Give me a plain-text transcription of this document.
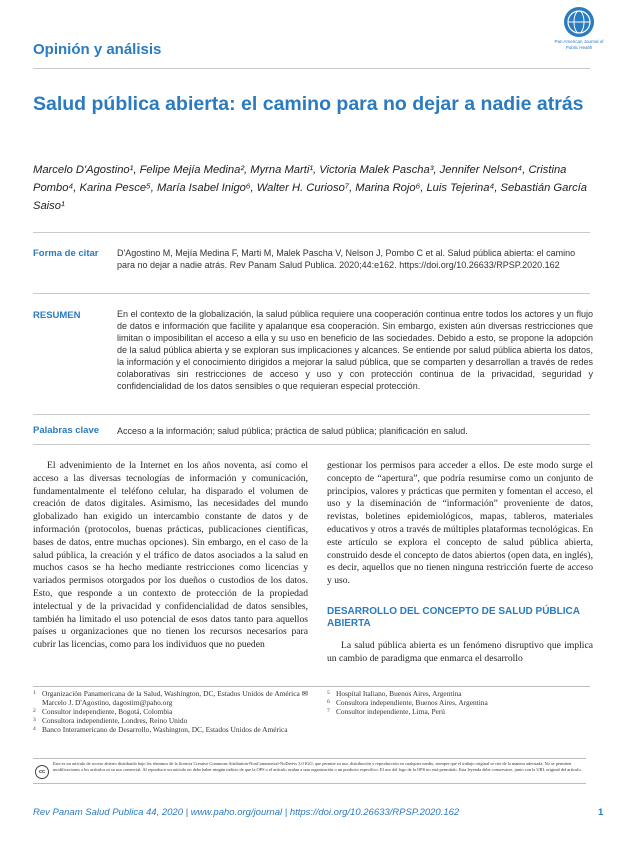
Opinión y análisis	Pan American Journal of Public Health
Salud pública abierta: el camino para no dejar a nadie atrás
Marcelo D'Agostino¹, Felipe Mejía Medina², Myrna Marti¹, Victoria Malek Pascha³, Jennifer Nelson⁴, Cristina Pombo⁴, Karina Pesce⁵, María Isabel Inigo⁶, Walter H. Curioso⁷, Marina Rojo⁶, Luis Tejerina⁴, Sebastián García Saiso¹
Forma de citar D'Agostino M, Mejía Medina F, Marti M, Malek Pascha V, Nelson J, Pombo C et al. Salud pública abierta: el camino para no dejar a nadie atrás. Rev Panam Salud Publica. 2020;44:e162. https://doi.org/10.26633/RPSP.2020.162
RESUMEN	En el contexto de la globalización, la salud pública requiere una cooperación continua entre todos los actores y un flujo de datos e información que facilite y apalanque esa cooperación. Sin embargo, existen aún diversas restricciones que limitan o imposibilitan el acceso a ella y su uso en beneficio de las sociedades. Debido a esto, se propone la adopción de la salud pública abierta y se exploran sus implicaciones y alcances. Se entiende por salud pública abierta los datos, la información y el conocimiento dirigidos a mejorar la salud pública, que se comparten y desarrollan a través de redes colaborativas sin restricciones de acceso y uso y con protección continua de la privacidad, seguridad y confidencialidad de los datos sensibles o que requieran especial protección.
Palabras clave Acceso a la información; salud pública; práctica de salud pública; planificación en salud.

El advenimiento de la Internet en los años noventa, así como el acceso a las diversas tecnologías de información y comunicación, fundamentalmente el teléfono celular, ha disparado el volumen de creación de datos digitales. Asimismo, las necesidades del mundo globalizado han exigido un intercambio constante de datos y de información (protocolos, buenas prácticas, publicaciones científicas, bases de datos, entre muchas opciones). Sin embargo, en el caso de la salud pública, la creación y el tráfico de datos asociados a la salud en muchos casos se ha hecho mediante restricciones como licencias y variados permisos otorgados por los dueños o custodios de los datos. Esto, que responde a un contexto de protección de la propiedad intelectual y de la privacidad y confidencialidad de datos sensibles, también ha limitado el uso potencial de esos datos tanto para aquellos países u organizaciones que no tienen los recursos necesarios para cubrir las licencias, como para los individuos que no pueden

gestionar los permisos para acceder a ellos. De este modo surge el concepto de “apertura”, que podría resumirse como un conjunto de principios, valores y prácticas que permiten y fomentan el acceso, el uso y la diseminación de “información” proveniente de datos, revistas, boletines epidemiológicos, mapas, tableros, materiales educativos y otros a través de múltiples plataformas tecnológicas. En este artículo se explora el concepto de salud pública abierta, construido desde el concepto de datos abiertos (open data, en inglés), es decir, aquellos que no tienen ninguna restricción fuerte de acceso y uso.

DESARROLLO DEL CONCEPTO DE SALUD PÚBLICA ABIERTA

La salud pública abierta es un fenómeno disruptivo que implica un cambio de paradigma que enmarca el desarrollo

1 Organización Panamericana de la Salud, Washington, DC, Estados Unidos de América ✉ Marcelo J. D'Agostino, dagostim@paho.org
2 Consultor independiente, Bogotá, Colombia
3 Consultora independiente, Londres, Reino Unido
4 Banco Interamericano de Desarrollo, Washington, DC, Estados Unidos de América
5 Hospital Italiano, Buenos Aires, Argentina
6 Consultora independiente, Buenos Aires, Argentina
7 Consultor independiente, Lima, Perú
cc
Este es un artículo de acceso abierto distribuido bajo los términos de la licencia Creative Commons Attribution-NonCommercial-NoDerivs 3.0 IGO, que permite su uso, distribución y reproducción en cualquier medio, siempre que el trabajo original se cite de la manera adecuada. No se permiten modificaciones a los artículos ni su uso comercial. Al reproducir un artículo no debe haber ningún indicio de que la OPS o el artículo avalan a una organización o un producto específico. El uso del logo de la OPS no está permitido. Esta leyenda debe conservarse, junto con la URL original del artículo.
Rev Panam Salud Publica 44, 2020 | www.paho.org/journal | https://doi.org/10.26633/RPSP.2020.162	1
